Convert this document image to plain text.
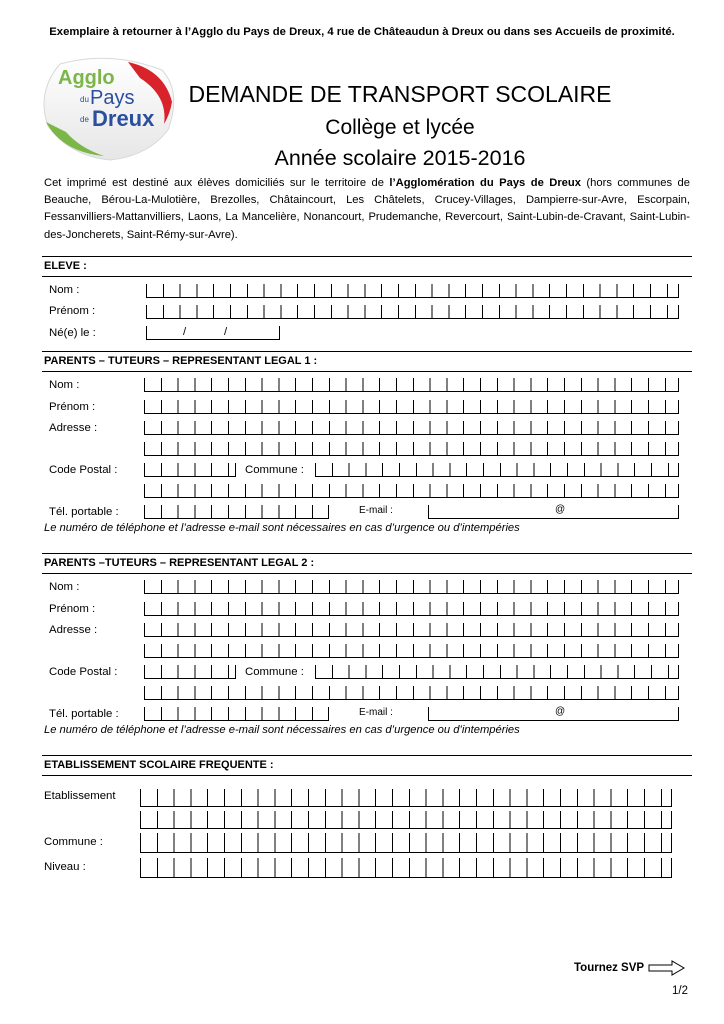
Exemplaire à retourner à l’Agglo du Pays de Dreux, 4 rue de Châteaudun à Dreux ou dans ses Accueils de proximité.
Agglo
du Pays
de Dreux
DEMANDE DE TRANSPORT SCOLAIRE
Collège et lycée
Année scolaire 2015-2016
Cet imprimé est destiné aux élèves domiciliés sur le territoire de l’Agglomération du Pays de Dreux (hors communes de Beauche, Bérou-La-Mulotière, Brezolles, Châtaincourt, Les Châtelets, Crucey-Villages, Dampierre-sur-Avre, Escorpain, Fessanvilliers-Mattanvilliers, Laons, La Mancelière, Nonancourt, Prudemanche, Revercourt, Saint-Lubin-de-Cravant, Saint-Lubin-des-Joncherets, Saint-Rémy-sur-Avre).
ELEVE :
Nom :
Prénom :
Né(e) le :	/	/
PARENTS – TUTEURS – REPRESENTANT LEGAL 1 :
Nom :
Prénom :
Adresse :
Code Postal :	Commune :
Tél. portable :	E-mail :	@
Le numéro de téléphone et l’adresse e-mail sont nécessaires en cas d’urgence ou d’intempéries
PARENTS –TUTEURS – REPRESENTANT LEGAL 2 :
Nom :
Prénom :
Adresse :
Code Postal :	Commune :
Tél. portable :	E-mail :	@
Le numéro de téléphone et l’adresse e-mail sont nécessaires en cas d’urgence ou d’intempéries
ETABLISSEMENT SCOLAIRE FREQUENTE :
Etablissement
Commune :
Niveau :
Tournez SVP
1/2
